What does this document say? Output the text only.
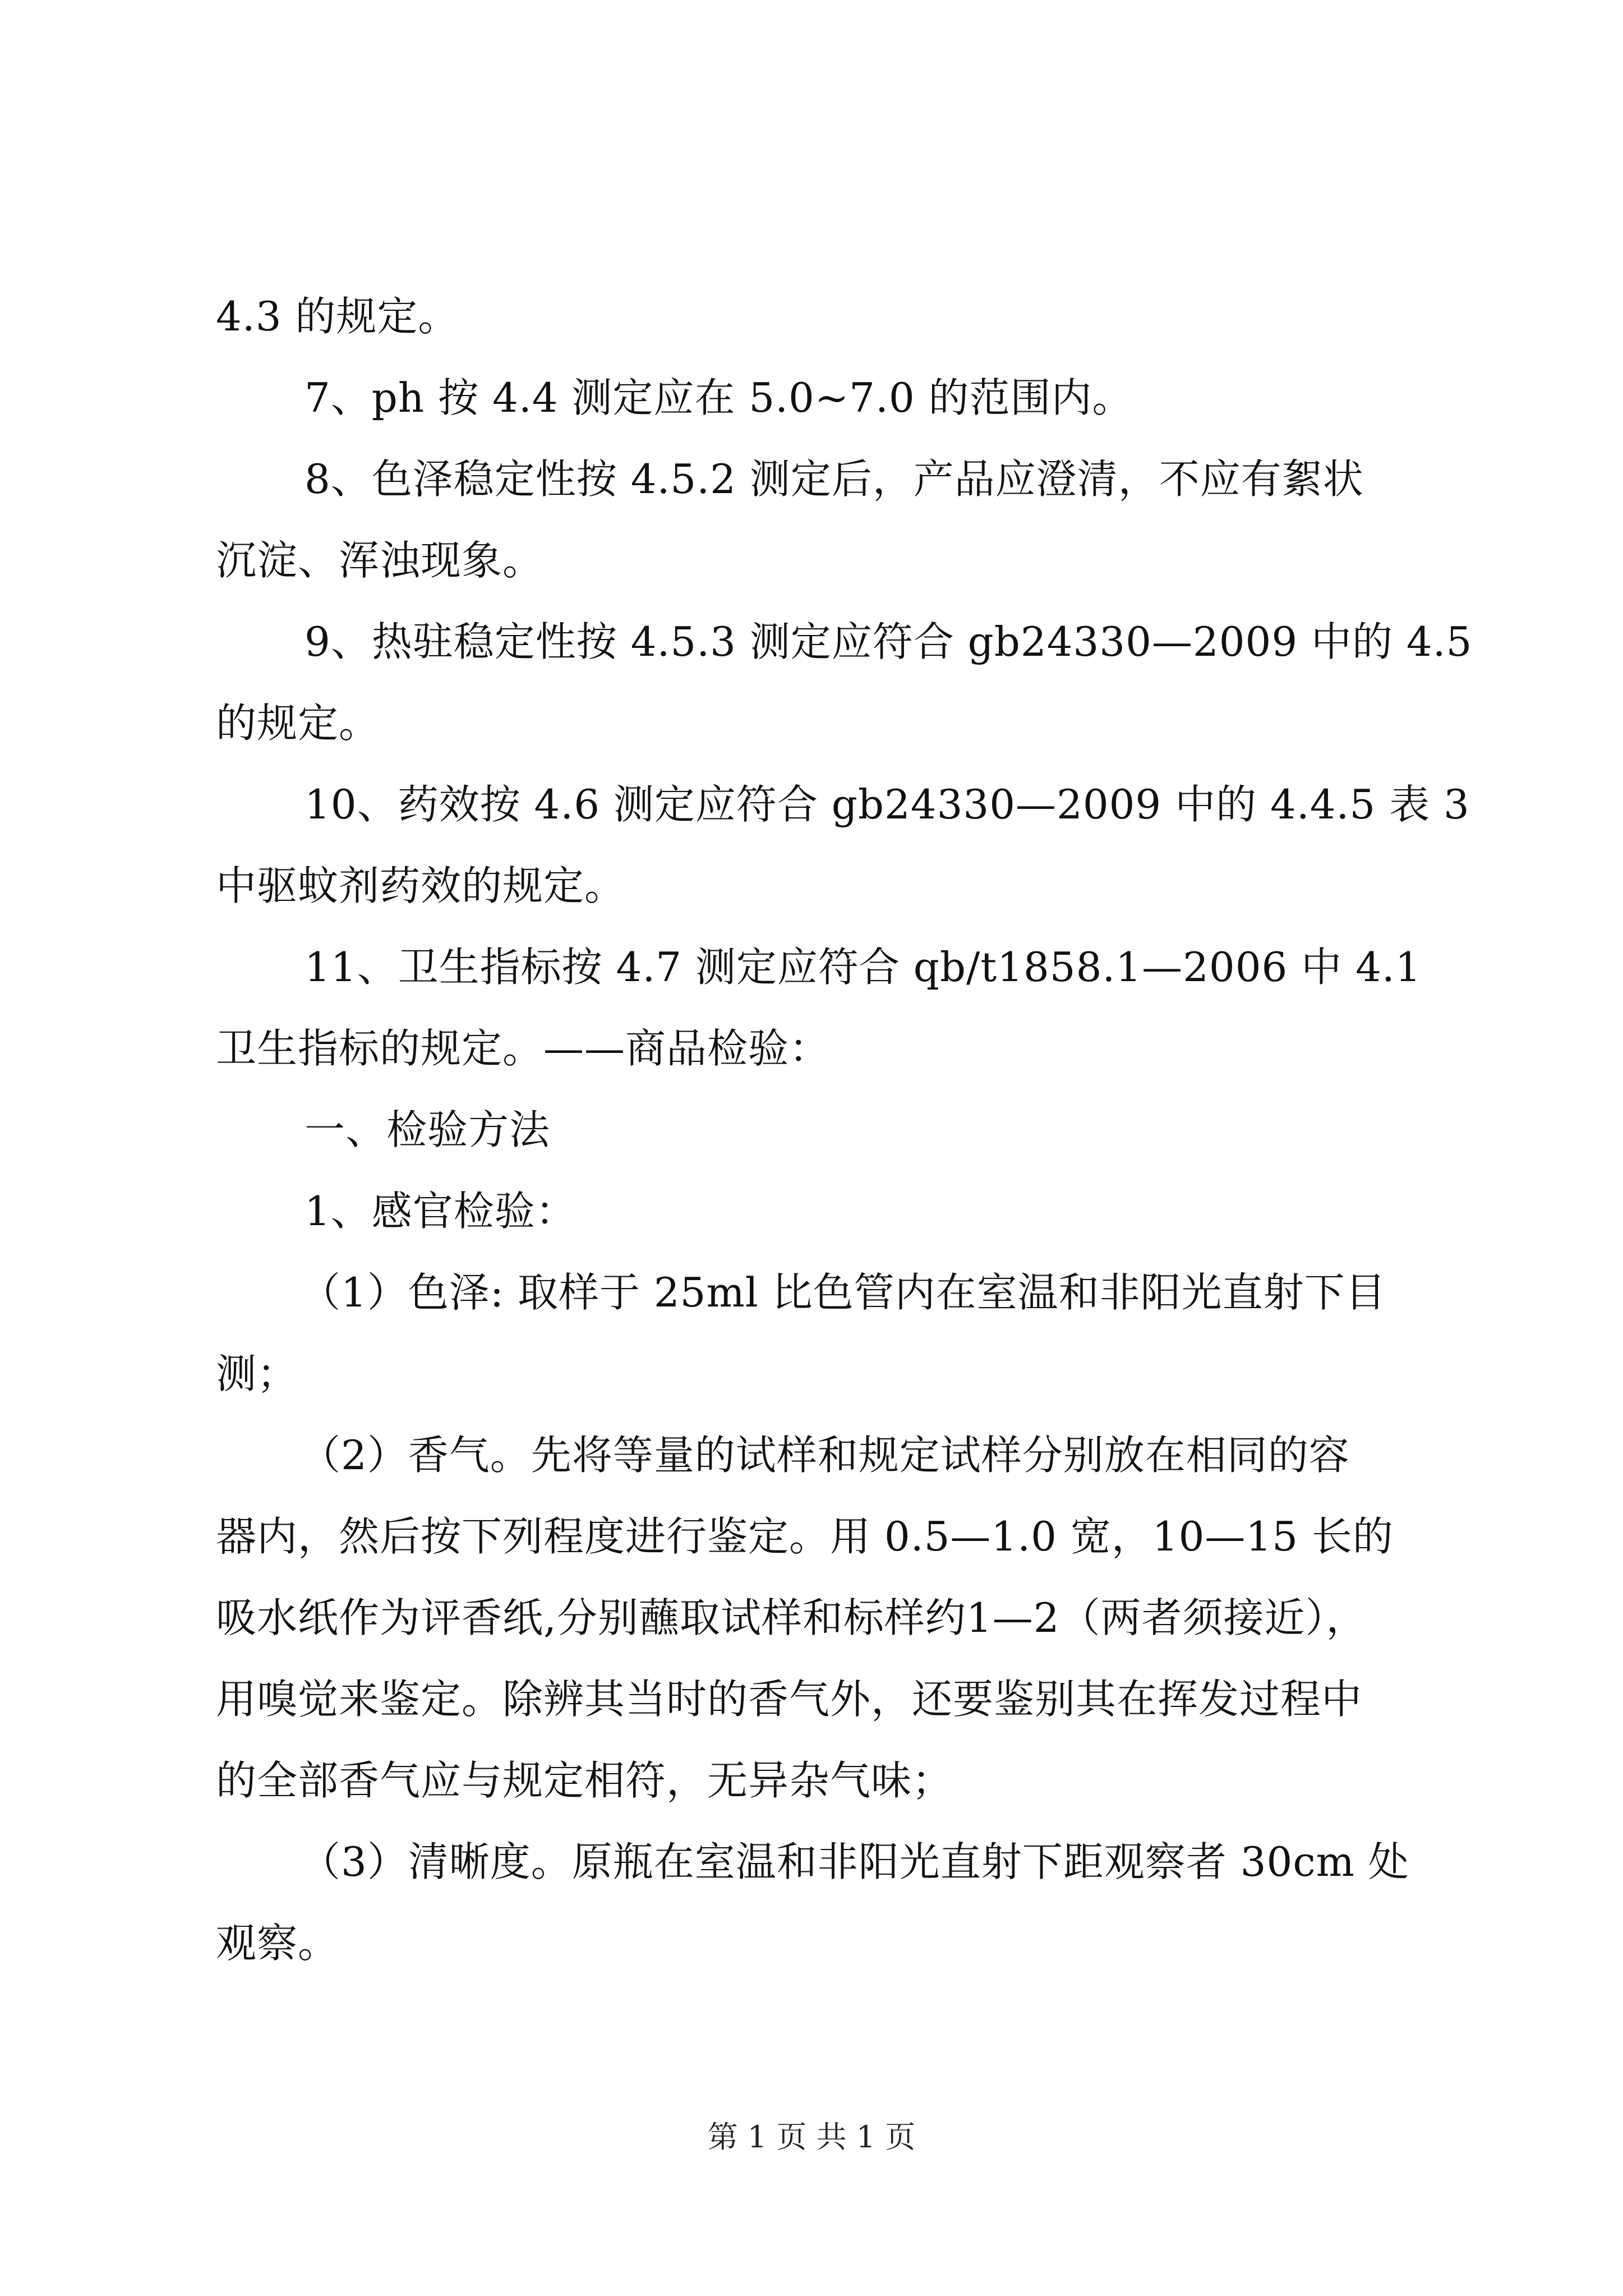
4.3 的规定。
7、ph 按 4.4 测定应在 5.0~7.0 的范围内。
8、色泽稳定性按 4.5.2 测定后，产品应澄清，不应有絮状
沉淀、浑浊现象。
9、热驻稳定性按 4.5.3 测定应符合 gb24330—2009 中的 4.5
的规定。
10、药效按 4.6 测定应符合 gb24330—2009 中的 4.4.5 表 3
中驱蚊剂药效的规定。
11、卫生指标按 4.7 测定应符合 qb/t1858.1—2006 中 4.1
卫生指标的规定。——商品检验：
一、检验方法
1、感官检验：
（1）色泽: 取样于 25ml 比色管内在室温和非阳光直射下目
测；
（2）香气。先将等量的试样和规定试样分别放在相同的容
器内，然后按下列程度进行鉴定。用 0.5—1.0 宽，10—15 长的
吸水纸作为评香纸,分别蘸取试样和标样约1—2（两者须接近），
用嗅觉来鉴定。除辨其当时的香气外，还要鉴别其在挥发过程中
的全部香气应与规定相符，无异杂气味；
（3）清晰度。原瓶在室温和非阳光直射下距观察者 30cm 处
观察。
第 1 页 共 1 页
